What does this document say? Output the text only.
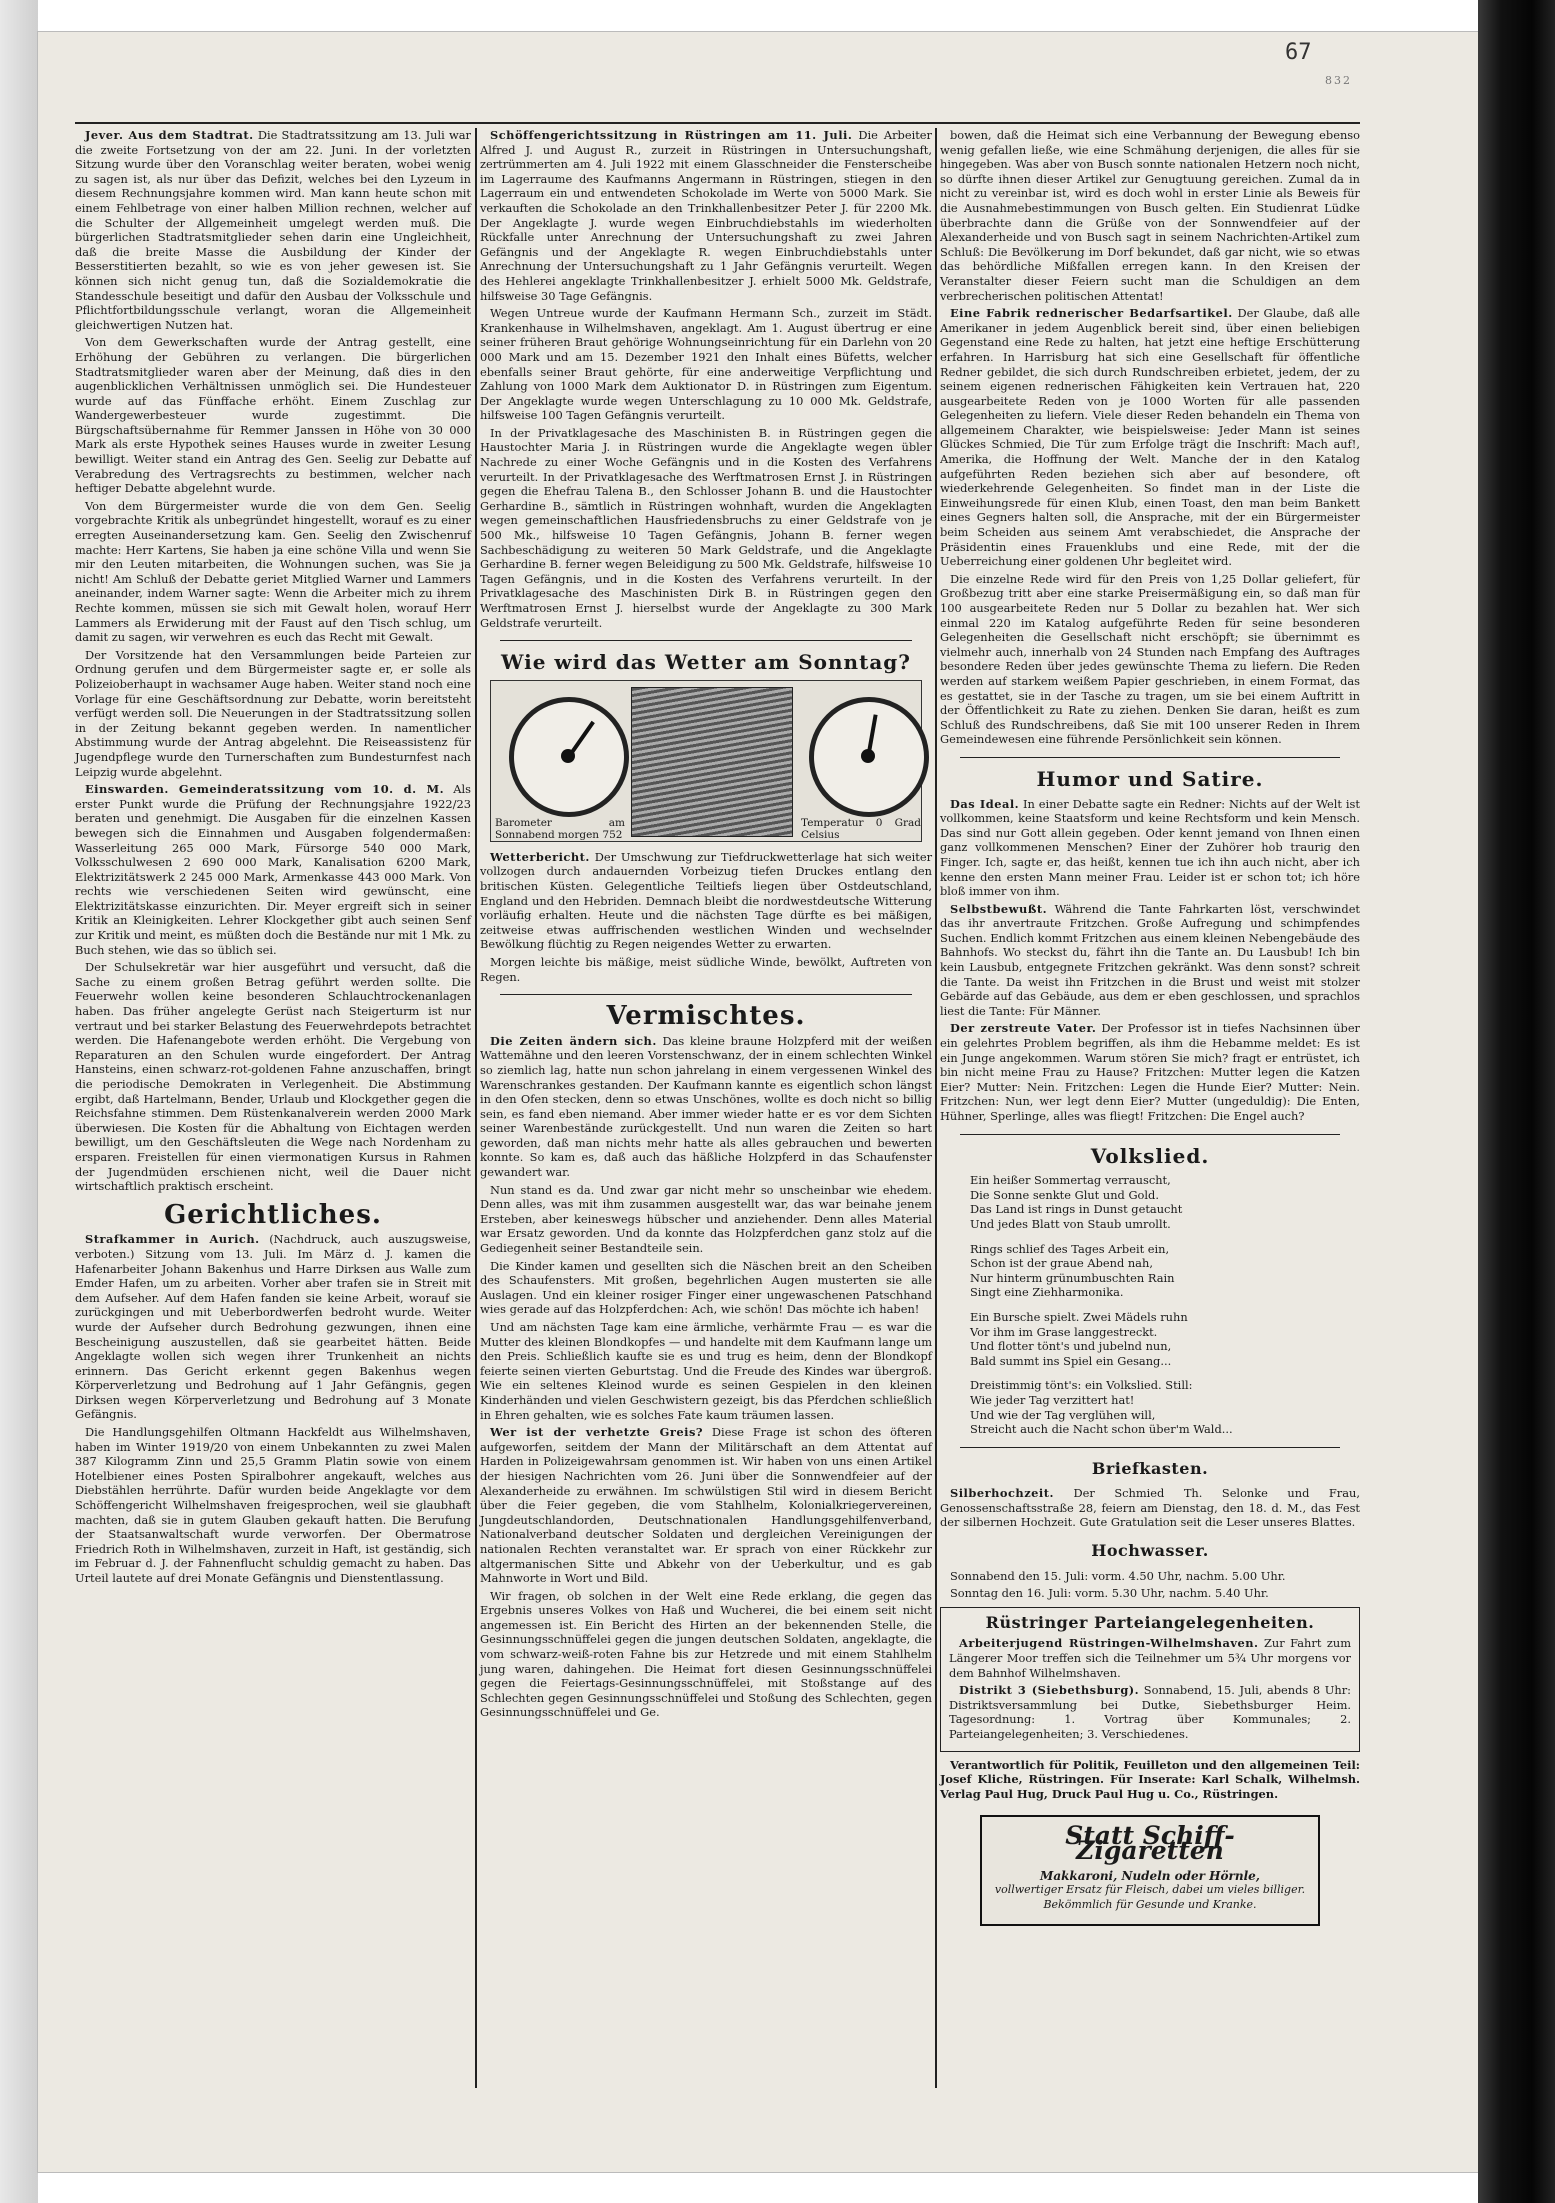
67
832

Jever. Aus dem Stadtrat. Die Stadtratssitzung am 13. Juli war die zweite Fortsetzung von der am 22. Juni. In der vorletzten Sitzung wurde über den Voranschlag weiter beraten, wobei wenig zu sagen ist, als nur über das Defizit, welches bei den Lyzeum in diesem Rechnungsjahre kommen wird. Man kann heute schon mit einem Fehlbetrage von einer halben Million rechnen, welcher auf die Schulter der Allgemeinheit umgelegt werden muß. Die bürgerlichen Stadtratsmitglieder sehen darin eine Ungleichheit, daß die breite Masse die Ausbildung der Kinder der Besserstitierten bezahlt, so wie es von jeher gewesen ist. Sie können sich nicht genug tun, daß die Sozialdemokratie die Standesschule beseitigt und dafür den Ausbau der Volksschule und Pflichtfortbildungsschule verlangt, woran die Allgemeinheit gleichwertigen Nutzen hat.

Von dem Gewerkschaften wurde der Antrag gestellt, eine Erhöhung der Gebühren zu verlangen. Die bürgerlichen Stadtratsmitglieder waren aber der Meinung, daß dies in den augenblicklichen Verhältnissen unmöglich sei. Die Hundesteuer wurde auf das Fünffache erhöht. Einem Zuschlag zur Wandergewerbesteuer wurde zugestimmt. Die Bürgschaftsübernahme für Remmer Janssen in Höhe von 30 000 Mark als erste Hypothek seines Hauses wurde in zweiter Lesung bewilligt. Weiter stand ein Antrag des Gen. Seelig zur Debatte auf Verabredung des Vertragsrechts zu bestimmen, welcher nach heftiger Debatte abgelehnt wurde.

Von dem Bürgermeister wurde die von dem Gen. Seelig vorgebrachte Kritik als unbegründet hingestellt, worauf es zu einer erregten Auseinandersetzung kam. Gen. Seelig den Zwischenruf machte: Herr Kartens, Sie haben ja eine schöne Villa und wenn Sie mir den Leuten mitarbeiten, die Wohnungen suchen, was Sie ja nicht! Am Schluß der Debatte geriet Mitglied Warner und Lammers aneinander, indem Warner sagte: Wenn die Arbeiter mich zu ihrem Rechte kommen, müssen sie sich mit Gewalt holen, worauf Herr Lammers als Erwiderung mit der Faust auf den Tisch schlug, um damit zu sagen, wir verwehren es euch das Recht mit Gewalt.

Der Vorsitzende hat den Versammlungen beide Parteien zur Ordnung gerufen und dem Bürgermeister sagte er, er solle als Polizeioberhaupt in wachsamer Auge haben. Weiter stand noch eine Vorlage für eine Geschäftsordnung zur Debatte, worin bereitsteht verfügt werden soll. Die Neuerungen in der Stadtratssitzung sollen in der Zeitung bekannt gegeben werden. In namentlicher Abstimmung wurde der Antrag abgelehnt. Die Reiseassistenz für Jugendpflege wurde den Turnerschaften zum Bundesturnfest nach Leipzig wurde abgelehnt.

Einswarden. Gemeinderatssitzung vom 10. d. M. Als erster Punkt wurde die Prüfung der Rechnungsjahre 1922/23 beraten und genehmigt. Die Ausgaben für die einzelnen Kassen bewegen sich die Einnahmen und Ausgaben folgendermaßen: Wasserleitung 265 000 Mark, Fürsorge 540 000 Mark, Volksschulwesen 2 690 000 Mark, Kanalisation 6200 Mark, Elektrizitätswerk 2 245 000 Mark, Armenkasse 443 000 Mark. Von rechts wie verschiedenen Seiten wird gewünscht, eine Elektrizitätskasse einzurichten. Dir. Meyer ergreift sich in seiner Kritik an Kleinigkeiten. Lehrer Klockgether gibt auch seinen Senf zur Kritik und meint, es müßten doch die Bestände nur mit 1 Mk. zu Buch stehen, wie das so üblich sei.

Der Schulsekretär war hier ausgeführt und versucht, daß die Sache zu einem großen Betrag geführt werden sollte. Die Feuerwehr wollen keine besonderen Schlauchtrockenanlagen haben. Das früher angelegte Gerüst nach Steigerturm ist nur vertraut und bei starker Belastung des Feuerwehrdepots betrachtet werden. Die Hafenangebote werden erhöht. Die Vergebung von Reparaturen an den Schulen wurde eingefordert. Der Antrag Hansteins, einen schwarz-rot-goldenen Fahne anzuschaffen, bringt die periodische Demokraten in Verlegenheit. Die Abstimmung ergibt, daß Hartelmann, Bender, Urlaub und Klockgether gegen die Reichsfahne stimmen. Dem Rüstenkanalverein werden 2000 Mark überwiesen. Die Kosten für die Abhaltung von Eichtagen werden bewilligt, um den Geschäftsleuten die Wege nach Nordenham zu ersparen. Freistellen für einen viermonatigen Kursus in Rahmen der Jugendmüden erschienen nicht, weil die Dauer nicht wirtschaftlich praktisch erscheint.

Gerichtliches.

Strafkammer in Aurich. (Nachdruck, auch auszugsweise, verboten.) Sitzung vom 13. Juli. Im März d. J. kamen die Hafenarbeiter Johann Bakenhus und Harre Dirksen aus Walle zum Emder Hafen, um zu arbeiten. Vorher aber trafen sie in Streit mit dem Aufseher. Auf dem Hafen fanden sie keine Arbeit, worauf sie zurückgingen und mit Ueberbordwerfen bedroht wurde. Weiter wurde der Aufseher durch Bedrohung gezwungen, ihnen eine Bescheinigung auszustellen, daß sie gearbeitet hätten. Beide Angeklagte wollen sich wegen ihrer Trunkenheit an nichts erinnern. Das Gericht erkennt gegen Bakenhus wegen Körperverletzung und Bedrohung auf 1 Jahr Gefängnis, gegen Dirksen wegen Körperverletzung und Bedrohung auf 3 Monate Gefängnis.

Die Handlungsgehilfen Oltmann Hackfeldt aus Wilhelmshaven, haben im Winter 1919/20 von einem Unbekannten zu zwei Malen 387 Kilogramm Zinn und 25,5 Gramm Platin sowie von einem Hotelbiener eines Posten Spiralbohrer angekauft, welches aus Diebstählen herrührte. Dafür wurden beide Angeklagte vor dem Schöffengericht Wilhelmshaven freigesprochen, weil sie glaubhaft machten, daß sie in gutem Glauben gekauft hatten. Die Berufung der Staatsanwaltschaft wurde verworfen. Der Obermatrose Friedrich Roth in Wilhelmshaven, zurzeit in Haft, ist geständig, sich im Februar d. J. der Fahnenflucht schuldig gemacht zu haben. Das Urteil lautete auf drei Monate Gefängnis und Dienstentlassung.

Schöffengerichtssitzung in Rüstringen am 11. Juli. Die Arbeiter Alfred J. und August R., zurzeit in Rüstringen in Untersuchungshaft, zertrümmerten am 4. Juli 1922 mit einem Glasschneider die Fensterscheibe im Lagerraume des Kaufmanns Angermann in Rüstringen, stiegen in den Lagerraum ein und entwendeten Schokolade im Werte von 5000 Mark. Sie verkauften die Schokolade an den Trinkhallenbesitzer Peter J. für 2200 Mk. Der Angeklagte J. wurde wegen Einbruchdiebstahls im wiederholten Rückfalle unter Anrechnung der Untersuchungshaft zu zwei Jahren Gefängnis und der Angeklagte R. wegen Einbruchdiebstahls unter Anrechnung der Untersuchungshaft zu 1 Jahr Gefängnis verurteilt. Wegen des Hehlerei angeklagte Trinkhallenbesitzer J. erhielt 5000 Mk. Geldstrafe, hilfsweise 30 Tage Gefängnis.

Wegen Untreue wurde der Kaufmann Hermann Sch., zurzeit im Städt. Krankenhause in Wilhelmshaven, angeklagt. Am 1. August übertrug er eine seiner früheren Braut gehörige Wohnungseinrichtung für ein Darlehn von 20 000 Mark und am 15. Dezember 1921 den Inhalt eines Büfetts, welcher ebenfalls seiner Braut gehörte, für eine anderweitige Verpflichtung und Zahlung von 1000 Mark dem Auktionator D. in Rüstringen zum Eigentum. Der Angeklagte wurde wegen Unterschlagung zu 10 000 Mk. Geldstrafe, hilfsweise 100 Tagen Gefängnis verurteilt.

In der Privatklagesache des Maschinisten B. in Rüstringen gegen die Haustochter Maria J. in Rüstringen wurde die Angeklagte wegen übler Nachrede zu einer Woche Gefängnis und in die Kosten des Verfahrens verurteilt. In der Privatklagesache des Werftmatrosen Ernst J. in Rüstringen gegen die Ehefrau Talena B., den Schlosser Johann B. und die Haustochter Gerhardine B., sämtlich in Rüstringen wohnhaft, wurden die Angeklagten wegen gemeinschaftlichen Hausfriedensbruchs zu einer Geldstrafe von je 500 Mk., hilfsweise 10 Tagen Gefängnis, Johann B. ferner wegen Sachbeschädigung zu weiteren 50 Mark Geldstrafe, und die Angeklagte Gerhardine B. ferner wegen Beleidigung zu 500 Mk. Geldstrafe, hilfsweise 10 Tagen Gefängnis, und in die Kosten des Verfahrens verurteilt. In der Privatklagesache des Maschinisten Dirk B. in Rüstringen gegen den Werftmatrosen Ernst J. hierselbst wurde der Angeklagte zu 300 Mark Geldstrafe verurteilt.

Wie wird das Wetter am Sonntag?
Barometer am Sonnabend morgen 752
Temperatur 0 Grad Celsius

Wetterbericht. Der Umschwung zur Tiefdruckwetterlage hat sich weiter vollzogen durch andauernden Vorbeizug tiefen Druckes entlang den britischen Küsten. Gelegentliche Teiltiefs liegen über Ostdeutschland, England und den Hebriden. Demnach bleibt die nordwestdeutsche Witterung vorläufig erhalten. Heute und die nächsten Tage dürfte es bei mäßigen, zeitweise etwas auffrischenden westlichen Winden und wechselnder Bewölkung flüchtig zu Regen neigendes Wetter zu erwarten.

Morgen leichte bis mäßige, meist südliche Winde, bewölkt, Auftreten von Regen.

Vermischtes.

Die Zeiten ändern sich. Das kleine braune Holzpferd mit der weißen Wattemähne und den leeren Vorstenschwanz, der in einem schlechten Winkel so ziemlich lag, hatte nun schon jahrelang in einem vergessenen Winkel des Warenschrankes gestanden. Der Kaufmann kannte es eigentlich schon längst in den Ofen stecken, denn so etwas Unschönes, wollte es doch nicht so billig sein, es fand eben niemand. Aber immer wieder hatte er es vor dem Sichten seiner Warenbestände zurückgestellt. Und nun waren die Zeiten so hart geworden, daß man nichts mehr hatte als alles gebrauchen und bewerten konnte. So kam es, daß auch das häßliche Holzpferd in das Schaufenster gewandert war.

Nun stand es da. Und zwar gar nicht mehr so unscheinbar wie ehedem. Denn alles, was mit ihm zusammen ausgestellt war, das war beinahe jenem Ersteben, aber keineswegs hübscher und anziehender. Denn alles Material war Ersatz geworden. Und da konnte das Holzpferdchen ganz stolz auf die Gediegenheit seiner Bestandteile sein.

Die Kinder kamen und gesellten sich die Näschen breit an den Scheiben des Schaufensters. Mit großen, begehrlichen Augen musterten sie alle Auslagen. Und ein kleiner rosiger Finger einer ungewaschenen Patschhand wies gerade auf das Holzpferdchen: Ach, wie schön! Das möchte ich haben!

Und am nächsten Tage kam eine ärmliche, verhärmte Frau — es war die Mutter des kleinen Blondkopfes — und handelte mit dem Kaufmann lange um den Preis. Schließlich kaufte sie es und trug es heim, denn der Blondkopf feierte seinen vierten Geburtstag. Und die Freude des Kindes war übergroß. Wie ein seltenes Kleinod wurde es seinen Gespielen in den kleinen Kinderhänden und vielen Geschwistern gezeigt, bis das Pferdchen schließlich in Ehren gehalten, wie es solches Fate kaum träumen lassen.

Wer ist der verhetzte Greis? Diese Frage ist schon des öfteren aufgeworfen, seitdem der Mann der Militärschaft an dem Attentat auf Harden in Polizeigewahrsam genommen ist. Wir haben von uns einen Artikel der hiesigen Nachrichten vom 26. Juni über die Sonnwendfeier auf der Alexanderheide zu erwähnen. Im schwülstigen Stil wird in diesem Bericht über die Feier gegeben, die vom Stahlhelm, Kolonialkriegervereinen, Jungdeutschlandorden, Deutschnationalen Handlungsgehilfenverband, Nationalverband deutscher Soldaten und dergleichen Vereinigungen der nationalen Rechten veranstaltet war. Er sprach von einer Rückkehr zur altgermanischen Sitte und Abkehr von der Ueberkultur, und es gab Mahnworte in Wort und Bild.

Wir fragen, ob solchen in der Welt eine Rede erklang, die gegen das Ergebnis unseres Volkes von Haß und Wucherei, die bei einem seit nicht angemessen ist. Ein Bericht des Hirten an der bekennenden Stelle, die Gesinnungsschnüffelei gegen die jungen deutschen Soldaten, angeklagte, die vom schwarz-weiß-roten Fahne bis zur Hetzrede und mit einem Stahlhelm jung waren, dahingehen. Die Heimat fort diesen Gesinnungsschnüffelei gegen die Feiertags-Gesinnungsschnüffelei, mit Stoßstange auf des Schlechten gegen Gesinnungsschnüffelei und Stoßung des Schlechten, gegen Gesinnungsschnüffelei und Ge.

bowen, daß die Heimat sich eine Verbannung der Bewegung ebenso wenig gefallen ließe, wie eine Schmähung derjenigen, die alles für sie hingegeben. Was aber von Busch sonnte nationalen Hetzern noch nicht, so dürfte ihnen dieser Artikel zur Genugtuung gereichen. Zumal da in nicht zu vereinbar ist, wird es doch wohl in erster Linie als Beweis für die Ausnahmebestimmungen von Busch gelten. Ein Studienrat Lüdke überbrachte dann die Grüße von der Sonnwendfeier auf der Alexanderheide und von Busch sagt in seinem Nachrichten-Artikel zum Schluß: Die Bevölkerung im Dorf bekundet, daß gar nicht, wie so etwas das behördliche Mißfallen erregen kann. In den Kreisen der Veranstalter dieser Feiern sucht man die Schuldigen an dem verbrecherischen politischen Attentat!

Eine Fabrik rednerischer Bedarfsartikel. Der Glaube, daß alle Amerikaner in jedem Augenblick bereit sind, über einen beliebigen Gegenstand eine Rede zu halten, hat jetzt eine heftige Erschütterung erfahren. In Harrisburg hat sich eine Gesellschaft für öffentliche Redner gebildet, die sich durch Rundschreiben erbietet, jedem, der zu seinem eigenen rednerischen Fähigkeiten kein Vertrauen hat, 220 ausgearbeitete Reden von je 1000 Worten für alle passenden Gelegenheiten zu liefern. Viele dieser Reden behandeln ein Thema von allgemeinem Charakter, wie beispielsweise: Jeder Mann ist seines Glückes Schmied, Die Tür zum Erfolge trägt die Inschrift: Mach auf!, Amerika, die Hoffnung der Welt. Manche der in den Katalog aufgeführten Reden beziehen sich aber auf besondere, oft wiederkehrende Gelegenheiten. So findet man in der Liste die Einweihungsrede für einen Klub, einen Toast, den man beim Bankett eines Gegners halten soll, die Ansprache, mit der ein Bürgermeister beim Scheiden aus seinem Amt verabschiedet, die Ansprache der Präsidentin eines Frauenklubs und eine Rede, mit der die Ueberreichung einer goldenen Uhr begleitet wird.

Die einzelne Rede wird für den Preis von 1,25 Dollar geliefert, für Großbezug tritt aber eine starke Preisermäßigung ein, so daß man für 100 ausgearbeitete Reden nur 5 Dollar zu bezahlen hat. Wer sich einmal 220 im Katalog aufgeführte Reden für seine besonderen Gelegenheiten die Gesellschaft nicht erschöpft; sie übernimmt es vielmehr auch, innerhalb von 24 Stunden nach Empfang des Auftrages besondere Reden über jedes gewünschte Thema zu liefern. Die Reden werden auf starkem weißem Papier geschrieben, in einem Format, das es gestattet, sie in der Tasche zu tragen, um sie bei einem Auftritt in der Öffentlichkeit zu Rate zu ziehen. Denken Sie daran, heißt es zum Schluß des Rundschreibens, daß Sie mit 100 unserer Reden in Ihrem Gemeindewesen eine führende Persönlichkeit sein können.

Humor und Satire.

Das Ideal. In einer Debatte sagte ein Redner: Nichts auf der Welt ist vollkommen, keine Staatsform und keine Rechtsform und kein Mensch. Das sind nur Gott allein gegeben. Oder kennt jemand von Ihnen einen ganz vollkommenen Menschen? Einer der Zuhörer hob traurig den Finger. Ich, sagte er, das heißt, kennen tue ich ihn auch nicht, aber ich kenne den ersten Mann meiner Frau. Leider ist er schon tot; ich höre bloß immer von ihm.

Selbstbewußt. Während die Tante Fahrkarten löst, verschwindet das ihr anvertraute Fritzchen. Große Aufregung und schimpfendes Suchen. Endlich kommt Fritzchen aus einem kleinen Nebengebäude des Bahnhofs. Wo steckst du, fährt ihn die Tante an. Du Lausbub! Ich bin kein Lausbub, entgegnete Fritzchen gekränkt. Was denn sonst? schreit die Tante. Da weist ihn Fritzchen in die Brust und weist mit stolzer Gebärde auf das Gebäude, aus dem er eben geschlossen, und sprachlos liest die Tante: Für Männer.

Der zerstreute Vater. Der Professor ist in tiefes Nachsinnen über ein gelehrtes Problem begriffen, als ihm die Hebamme meldet: Es ist ein Junge angekommen. Warum stören Sie mich? fragt er entrüstet, ich bin nicht meine Frau zu Hause? Fritzchen: Mutter legen die Katzen Eier? Mutter: Nein. Fritzchen: Legen die Hunde Eier? Mutter: Nein. Fritzchen: Nun, wer legt denn Eier? Mutter (ungeduldig): Die Enten, Hühner, Sperlinge, alles was fliegt! Fritzchen: Die Engel auch?

Volkslied.

Ein heißer Sommertag verrauscht,

Die Sonne senkte Glut und Gold.

Das Land ist rings in Dunst getaucht

Und jedes Blatt von Staub umrollt.

Rings schlief des Tages Arbeit ein,

Schon ist der graue Abend nah,

Nur hinterm grünumbuschten Rain

Singt eine Ziehharmonika.

Ein Bursche spielt. Zwei Mädels ruhn

Vor ihm im Grase langgestreckt.

Und flotter tönt's und jubelnd nun,

Bald summt ins Spiel ein Gesang...

Dreistimmig tönt's: ein Volkslied. Still:

Wie jeder Tag verzittert hat!

Und wie der Tag verglühen will,

Streicht auch die Nacht schon über'm Wald...

Briefkasten.

Silberhochzeit. Der Schmied Th. Selonke und Frau, Genossenschaftsstraße 28, feiern am Dienstag, den 18. d. M., das Fest der silbernen Hochzeit. Gute Gratulation seit die Leser unseres Blattes.

Hochwasser.

Sonnabend den 15. Juli: vorm. 4.50 Uhr, nachm. 5.00 Uhr.

Sonntag den 16. Juli: vorm. 5.30 Uhr, nachm. 5.40 Uhr.

Rüstringer Parteiangelegenheiten.

Arbeiterjugend Rüstringen-Wilhelmshaven. Zur Fahrt zum Längerer Moor treffen sich die Teilnehmer um 5¾ Uhr morgens vor dem Bahnhof Wilhelmshaven.

Distrikt 3 (Siebethsburg). Sonnabend, 15. Juli, abends 8 Uhr: Distriktsversammlung bei Dutke, Siebethsburger Heim. Tagesordnung: 1. Vortrag über Kommunales; 2. Parteiangelegenheiten; 3. Verschiedenes.

Verantwortlich für Politik, Feuilleton und den allgemeinen Teil: Josef Kliche, Rüstringen. Für Inserate: Karl Schalk, Wilhelmsh. Verlag Paul Hug, Druck Paul Hug u. Co., Rüstringen.

Statt Schiff- Zigaretten
Makkaroni, Nudeln oder Hörnle,
vollwertiger Ersatz für Fleisch, dabei um vieles billiger. Bekömmlich für Gesunde und Kranke.
